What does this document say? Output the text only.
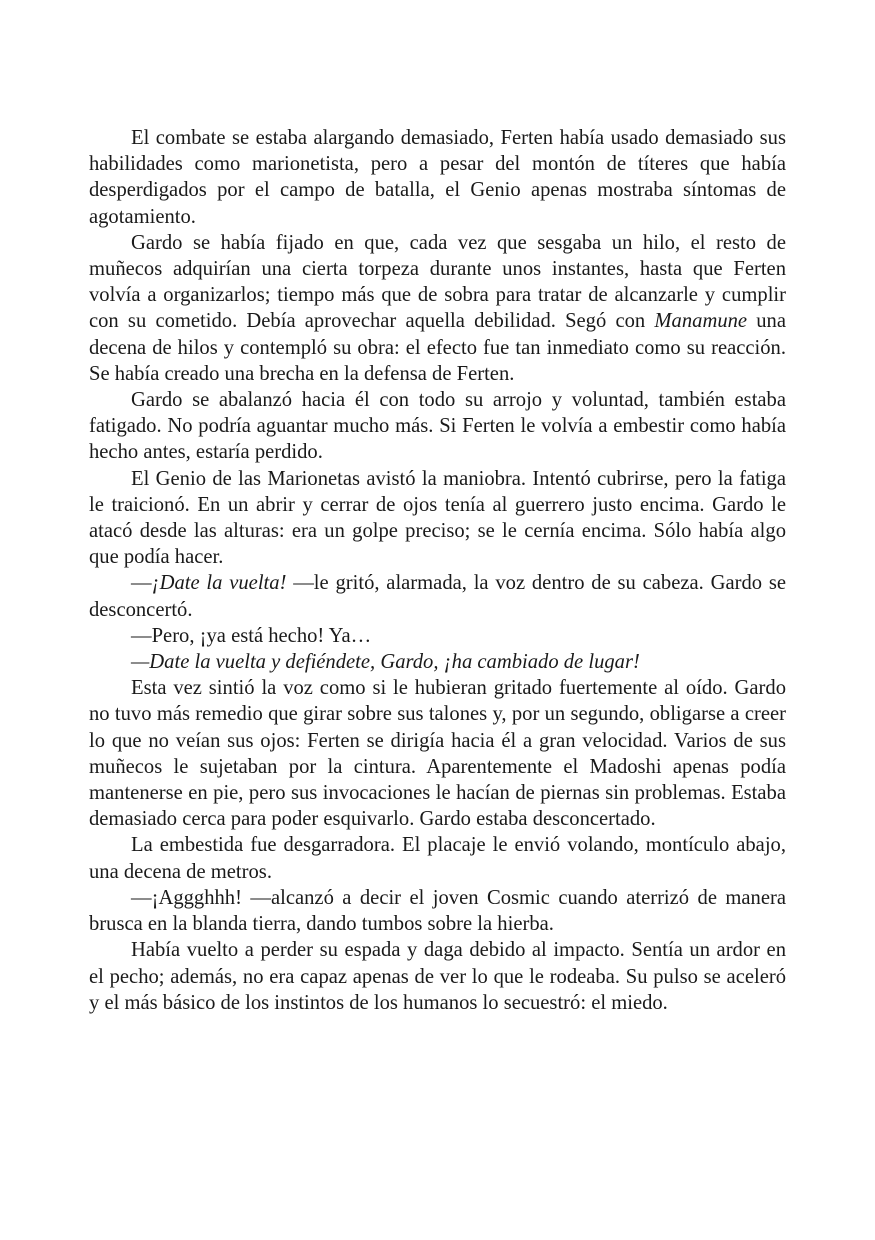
El combate se estaba alargando demasiado, Ferten había usado demasiado sus habilidades como marionetista, pero a pesar del montón de títeres que había desperdigados por el campo de batalla, el Genio apenas mostraba síntomas de agotamiento.

Gardo se había fijado en que, cada vez que sesgaba un hilo, el resto de muñecos adquirían una cierta torpeza durante unos instantes, hasta que Ferten volvía a organizarlos; tiempo más que de sobra para tratar de alcanzarle y cumplir con su cometido. Debía aprovechar aquella debilidad. Segó con Manamune una decena de hilos y contempló su obra: el efecto fue tan inmediato como su reacción. Se había creado una brecha en la defensa de Ferten.

Gardo se abalanzó hacia él con todo su arrojo y voluntad, también estaba fatigado. No podría aguantar mucho más. Si Ferten le volvía a embestir como había hecho antes, estaría perdido.

El Genio de las Marionetas avistó la maniobra. Intentó cubrirse, pero la fatiga le traicionó. En un abrir y cerrar de ojos tenía al guerrero justo encima. Gardo le atacó desde las alturas: era un golpe preciso; se le cernía encima. Sólo había algo que podía hacer.

—¡Date la vuelta! —le gritó, alarmada, la voz dentro de su cabeza. Gardo se desconcertó.

—Pero, ¡ya está hecho! Ya…

—Date la vuelta y defiéndete, Gardo, ¡ha cambiado de lugar!

Esta vez sintió la voz como si le hubieran gritado fuertemente al oído. Gardo no tuvo más remedio que girar sobre sus talones y, por un segundo, obligarse a creer lo que no veían sus ojos: Ferten se dirigía hacia él a gran velocidad. Varios de sus muñecos le sujetaban por la cintura. Aparentemente el Madoshi apenas podía mantenerse en pie, pero sus invocaciones le hacían de piernas sin problemas. Estaba demasiado cerca para poder esquivarlo. Gardo estaba desconcertado.

La embestida fue desgarradora. El placaje le envió volando, montículo abajo, una decena de metros.

—¡Aggghhh! —alcanzó a decir el joven Cosmic cuando aterrizó de manera brusca en la blanda tierra, dando tumbos sobre la hierba.

Había vuelto a perder su espada y daga debido al impacto. Sentía un ardor en el pecho; además, no era capaz apenas de ver lo que le rodeaba. Su pulso se aceleró y el más básico de los instintos de los humanos lo secuestró: el miedo.
